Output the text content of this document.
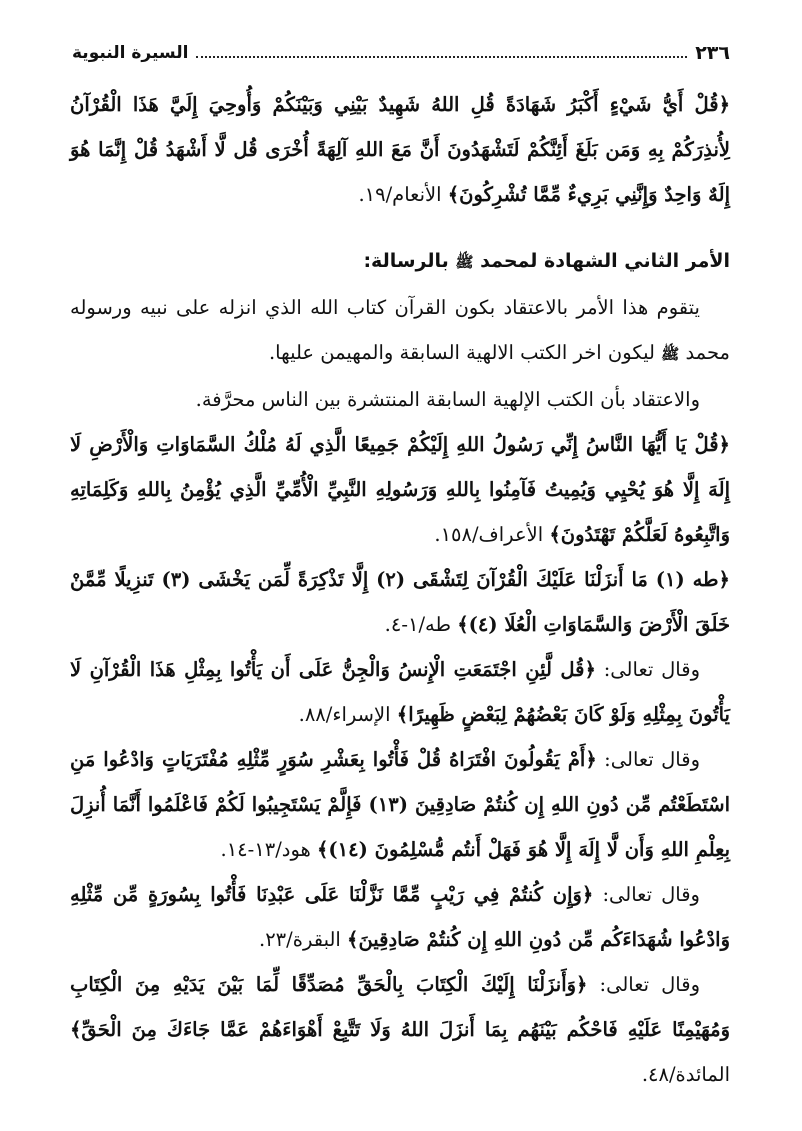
٢٣٦
السيرة النبوية

﴿قُلْ أَيُّ شَيْءٍ أَكْبَرُ شَهَادَةً قُلِ اللهُ شَهِيدٌ بَيْنِي وَبَيْنَكُمْ وَأُوحِيَ إِلَيَّ هَذَا الْقُرْآنُ لِأُنذِرَكُمْ بِهِ وَمَن بَلَغَ أَئِنَّكُمْ لَتَشْهَدُونَ أَنَّ مَعَ اللهِ آلِهَةً أُخْرَى قُل لَّا أَشْهَدُ قُلْ إِنَّمَا هُوَ إِلَهٌ وَاحِدٌ وَإِنَّنِي بَرِيءٌ مِّمَّا تُشْرِكُونَ﴾ الأنعام/١٩.

الأمر الثاني الشهادة لمحمد ﷺ بالرسالة:

يتقوم هذا الأمر بالاعتقاد بكون القرآن كتاب الله الذي انزله على نبيه ورسوله محمد ﷺ ليكون اخر الكتب الالهية السابقة والمهيمن عليها.

والاعتقاد بأن الكتب الإلهية السابقة المنتشرة بين الناس محرَّفة.

﴿قُلْ يَا أَيُّهَا النَّاسُ إِنِّي رَسُولُ اللهِ إِلَيْكُمْ جَمِيعًا الَّذِي لَهُ مُلْكُ السَّمَاوَاتِ وَالْأَرْضِ لَا إِلَهَ إِلَّا هُوَ يُحْيِي وَيُمِيتُ فَآمِنُوا بِاللهِ وَرَسُولِهِ النَّبِيِّ الْأُمِّيِّ الَّذِي يُؤْمِنُ بِاللهِ وَكَلِمَاتِهِ وَاتَّبِعُوهُ لَعَلَّكُمْ تَهْتَدُونَ﴾ الأعراف/١٥٨.

﴿طه (١) مَا أَنزَلْنَا عَلَيْكَ الْقُرْآنَ لِتَشْقَى (٢) إِلَّا تَذْكِرَةً لِّمَن يَخْشَى (٣) تَنزِيلًا مِّمَّنْ خَلَقَ الْأَرْضَ وَالسَّمَاوَاتِ الْعُلَا (٤)﴾ طه/١-٤.

وقال تعالى: ﴿قُل لَّئِنِ اجْتَمَعَتِ الْإِنسُ وَالْجِنُّ عَلَى أَن يَأْتُوا بِمِثْلِ هَذَا الْقُرْآنِ لَا يَأْتُونَ بِمِثْلِهِ وَلَوْ كَانَ بَعْضُهُمْ لِبَعْضٍ ظَهِيرًا﴾ الإسراء/٨٨.

وقال تعالى: ﴿أَمْ يَقُولُونَ افْتَرَاهُ قُلْ فَأْتُوا بِعَشْرِ سُوَرٍ مِّثْلِهِ مُفْتَرَيَاتٍ وَادْعُوا مَنِ اسْتَطَعْتُم مِّن دُونِ اللهِ إِن كُنتُمْ صَادِقِينَ (١٣) فَإِلَّمْ يَسْتَجِيبُوا لَكُمْ فَاعْلَمُوا أَنَّمَا أُنزِلَ بِعِلْمِ اللهِ وَأَن لَّا إِلَهَ إِلَّا هُوَ فَهَلْ أَنتُم مُّسْلِمُونَ (١٤)﴾ هود/١٣-١٤.

وقال تعالى: ﴿وَإِن كُنتُمْ فِي رَيْبٍ مِّمَّا نَزَّلْنَا عَلَى عَبْدِنَا فَأْتُوا بِسُورَةٍ مِّن مِّثْلِهِ وَادْعُوا شُهَدَاءَكُم مِّن دُونِ اللهِ إِن كُنتُمْ صَادِقِينَ﴾ البقرة/٢٣.

وقال تعالى: ﴿وَأَنزَلْنَا إِلَيْكَ الْكِتَابَ بِالْحَقِّ مُصَدِّقًا لِّمَا بَيْنَ يَدَيْهِ مِنَ الْكِتَابِ وَمُهَيْمِنًا عَلَيْهِ فَاحْكُم بَيْنَهُم بِمَا أَنزَلَ اللهُ وَلَا تَتَّبِعْ أَهْوَاءَهُمْ عَمَّا جَاءَكَ مِنَ الْحَقِّ﴾ المائدة/٤٨.
